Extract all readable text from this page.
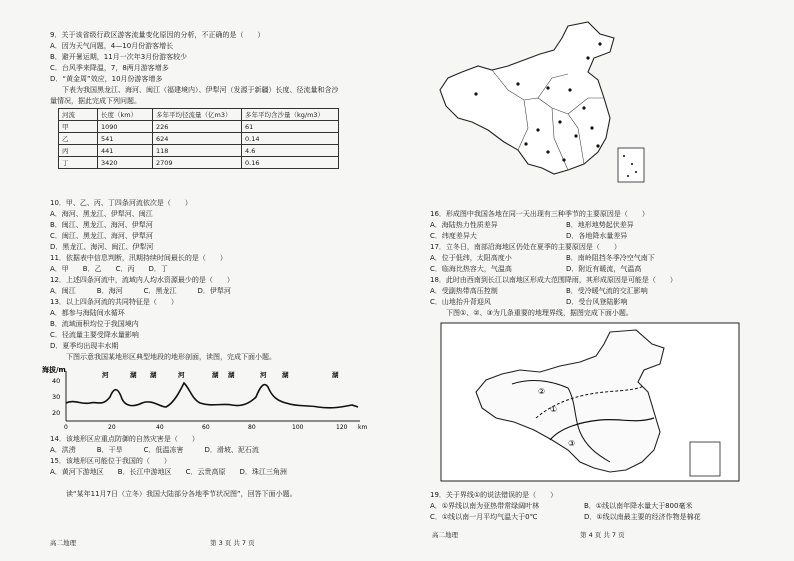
9．关于该省级行政区游客流量变化原因的分析，不正确的是（　　）
A．因为天气问题，4—10月份游客增长
B．避开暑运期，11月一次年3月份游客较少
C．台风季来降温，7，8两月游客增多
D．“黄金周”效应，10月份游客增多
下表为我国黑龙江、海河、闽江（福建境内）、伊犁河（发源于新疆）长度、径流量和含沙
量情况，据此完成下列问题。
河流	长度（km）	多年平均径流量（亿m3）	多年平均含沙量（kg/m3）
甲	1090	226	61
乙	541	624	0.14
丙	441	118	4.6
丁	3420	2709	0.16
10．甲、乙、丙、丁四条河流依次是（　　）
A．海河、黑龙江、伊犁河、闽江
B．闽江、黑龙江、海河、伊犁河
C．闽江、黑龙江、海河、伊犁河
D．黑龙江、海河、闽江、伊犁河
11．依据表中信息判断，汛期持续时间最长的是（　　）
A．甲　　B．乙　　C．丙　　D．丁
12．上述四条河流中，流域内人均水资源最少的是（　　）
A．闽江　　　B．海河　　　C．黑龙江　　　D．伊犁河
13．以上四条河流的共同特征是（　　）
A．都参与海陆间水循环
B．流域面积均位于我国境内
C．径流量主要受降水量影响
D．夏季均出现丰水期
下图示意我国某地形区典型地段的地形剖面，读图，完成下面小题。
海拔/m
40
30
20
河	湖 湖	河	湖 湖	河 湖	湖
0	20	40	60	80	100	120 km
14．该地形区应重点防御的自然灾害是（　　）
A．洪涝　　　B．干旱　　　C．低温冻害　　　D．滑坡、泥石流
15．该地形区可能位于我国的（　　）
A．黄河下游地区　　B．长江中游地区　　C．云贵高原　　D．珠江三角洲
读“某年11月7日（立冬）我国大陆部分各地季节状况图”，回答下面小题。
高二地理	第 3 页 共 7 页
16．形成图中我国各地在同一天出现有三种季节的主要原因是（　　）
A．海陆热力性质差异	B．地形地势起伏差异
C．纬度差异大	D．各地降水量差异
17．立冬日，南部沿海地区仍处在夏季的主要原因是（　　）
A．位于低纬，太阳高度小	B．南岭阻挡冬季冷空气南下
C．临海比热容大，气温高	D．附近有暖流，气温高
18．此时由西南到长江以南地区形成大范围降雨，其形成原因是可能是（　　）
A．受副热带高压控制	B．受冷暖气流的交汇影响
C．山地抬升背迎风	D．受台风登陆影响
下图①、②、③为几条重要的地理界线，据图完成下面小题。
②
①
③
19．关于界线①的说法错误的是（　　）
A．①界线以南为亚热带常绿阔叶林	B．①线以南年降水量大于800毫米
C．①线以南一月平均气温大于0℃	D．①线以南最主要的经济作物是棉花
高二地理	第 4 页 共 7 页
